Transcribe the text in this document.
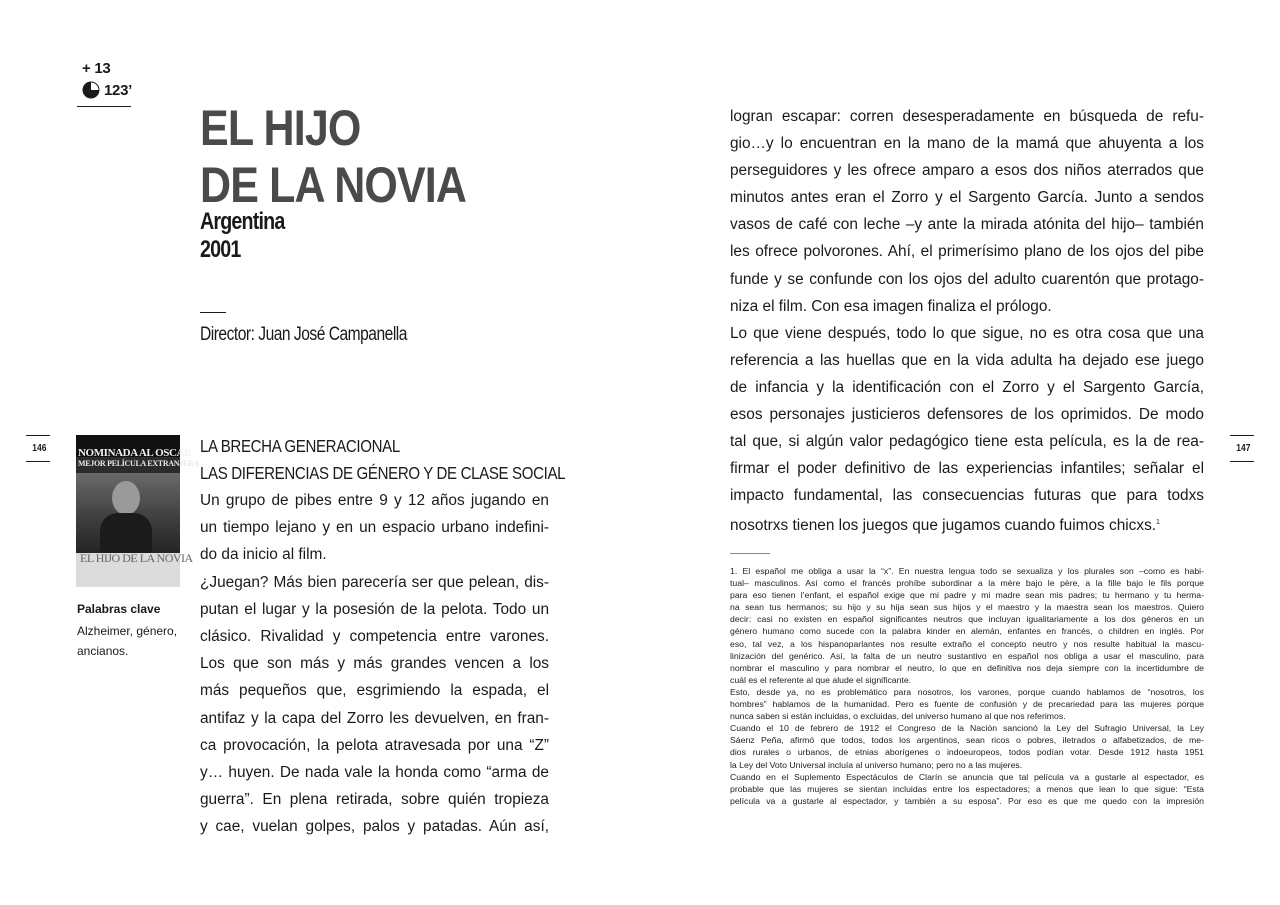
+ 13
123’
EL HIJO
DE LA NOVIA
Argentina
2001
Director: Juan José Campanella
146	147
NOMINADA AL OSCAR
MEJOR PELÍCULA EXTRANJERA
EL HIJO DE LA NOVIA
Palabras clave
Alzheimer, género,
ancianos.
LA BRECHA GENERACIONAL
LAS DIFERENCIAS DE GÉNERO Y DE CLASE SOCIAL
Un grupo de pibes entre 9 y 12 años jugando en
un tiempo lejano y en un espacio urbano indefini-
do da inicio al film.
¿Juegan? Más bien parecería ser que pelean, dis-
putan el lugar y la posesión de la pelota. Todo un
clásico. Rivalidad y competencia entre varones.
Los que son más y más grandes vencen a los
más pequeños que, esgrimiendo la espada, el
antifaz y la capa del Zorro les devuelven, en fran-
ca provocación, la pelota atravesada por una “Z”
y… huyen. De nada vale la honda como “arma de
guerra”. En plena retirada, sobre quién tropieza
y cae, vuelan golpes, palos y patadas. Aún así,
logran escapar: corren desesperadamente en búsqueda de refu-
gio…y lo encuentran en la mano de la mamá que ahuyenta a los
perseguidores y les ofrece amparo a esos dos niños aterrados que
minutos antes eran el Zorro y el Sargento García. Junto a sendos
vasos de café con leche –y ante la mirada atónita del hijo– también
les ofrece polvorones. Ahí, el primerísimo plano de los ojos del pibe
funde y se confunde con los ojos del adulto cuarentón que protago-
niza el film. Con esa imagen finaliza el prólogo.
Lo que viene después, todo lo que sigue, no es otra cosa que una
referencia a las huellas que en la vida adulta ha dejado ese juego
de infancia y la identificación con el Zorro y el Sargento García,
esos personajes justicieros defensores de los oprimidos. De modo
tal que, si algún valor pedagógico tiene esta película, es la de rea-
firmar el poder definitivo de las experiencias infantiles; señalar el
impacto fundamental, las consecuencias futuras que para todxs
nosotrxs tienen los juegos que jugamos cuando fuimos chicxs.$^1$
1. El español me obliga a usar la “x”. En nuestra lengua todo se sexualiza y los plurales son –como es habi-
tual– masculinos. Así como el francés prohíbe subordinar a la mère bajo le père, a la fille bajo le fils porque
para eso tienen l’enfant, el español exige que mi padre y mi madre sean mis padres; tu hermano y tu herma-
na sean tus hermanos; su hijo y su hija sean sus hijos y el maestro y la maestra sean los maestros. Quiero
decir: casi no existen en español significantes neutros que incluyan igualitariamente a los dos géneros en un
género humano como sucede con la palabra kinder en alemán, enfantes en francés, o children en inglés. Por
eso, tal vez, a los hispanoparlantes nos resulte extraño el concepto neutro y nos resulte habitual la mascu-
linización del genérico. Así, la falta de un neutro sustantivo en español nos obliga a usar el masculino, para
nombrar el masculino y para nombrar el neutro, lo que en definitiva nos deja siempre con la incertidumbre de
cuál es el referente al que alude el significante.
Esto, desde ya, no es problemático para nosotros, los varones, porque cuando hablamos de “nosotros, los
hombres” hablamos de la humanidad. Pero es fuente de confusión y de precariedad para las mujeres porque
nunca saben si están incluidas, o excluidas, del universo humano al que nos referimos.
Cuando el 10 de febrero de 1912 el Congreso de la Nación sancionó la Ley del Sufragio Universal, la Ley
Sáenz Peña, afirmó que todos, todos los argentinos, sean ricos o pobres, iletrados o alfabetizados, de me-
dios rurales o urbanos, de etnias aborígenes o indoeuropeos, todos podían votar. Desde 1912 hasta 1951
la Ley del Voto Universal incluía al universo humano; pero no a las mujeres.
Cuando en el Suplemento Espectáculos de Clarín se anuncia que tal película va a gustarle al espectador, es
probable que las mujeres se sientan incluidas entre los espectadores; a menos que lean lo que sigue: “Esta
película va a gustarle al espectador, y también a su esposa”. Por eso es que me quedo con la impresión
